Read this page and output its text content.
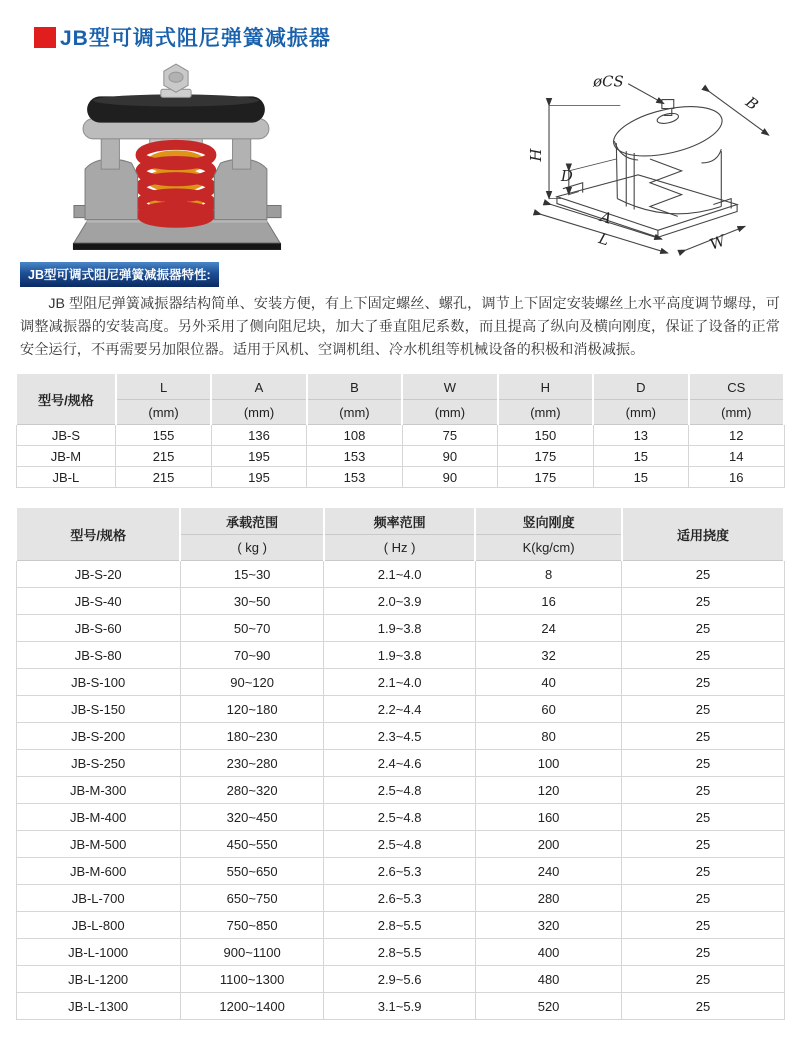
JB型可调式阻尼弹簧减振器
øCS
B
H
D
A
L	W
JB型可调式阻尼弹簧减振器特性:

JB 型阻尼弹簧减振器结构简单、安装方便，有上下固定螺丝、螺孔，调节上下固定安装螺丝上水平高度调节螺母，可调整减振器的安装高度。另外采用了侧向阻尼块，加大了垂直阻尼系数，而且提高了纵向及横向刚度，保证了设备的正常安全运行，不再需要另加限位器。适用于风机、空调机组、冷水机组等机械设备的积极和消极减振。

型号/规格	L	A	B	W	H	D	CS
	(mm)	(mm)	(mm)	(mm)	(mm)	(mm)	(mm)
JB-S	155	136	108	75	150	13	12
JB-M	215	195	153	90	175	15	14
JB-L	215	195	153	90	175	15	16
型号/规格	承载范围	频率范围	竖向刚度	适用挠度
	( kg )	( Hz )	K(kg/cm)	
JB-S-20	15~30	2.1~4.0	8	25
JB-S-40	30~50	2.0~3.9	16	25
JB-S-60	50~70	1.9~3.8	24	25
JB-S-80	70~90	1.9~3.8	32	25
JB-S-100	90~120	2.1~4.0	40	25
JB-S-150	120~180	2.2~4.4	60	25
JB-S-200	180~230	2.3~4.5	80	25
JB-S-250	230~280	2.4~4.6	100	25
JB-M-300	280~320	2.5~4.8	120	25
JB-M-400	320~450	2.5~4.8	160	25
JB-M-500	450~550	2.5~4.8	200	25
JB-M-600	550~650	2.6~5.3	240	25
JB-L-700	650~750	2.6~5.3	280	25
JB-L-800	750~850	2.8~5.5	320	25
JB-L-1000	900~1100	2.8~5.5	400	25
JB-L-1200	1100~1300	2.9~5.6	480	25
JB-L-1300	1200~1400	3.1~5.9	520	25
